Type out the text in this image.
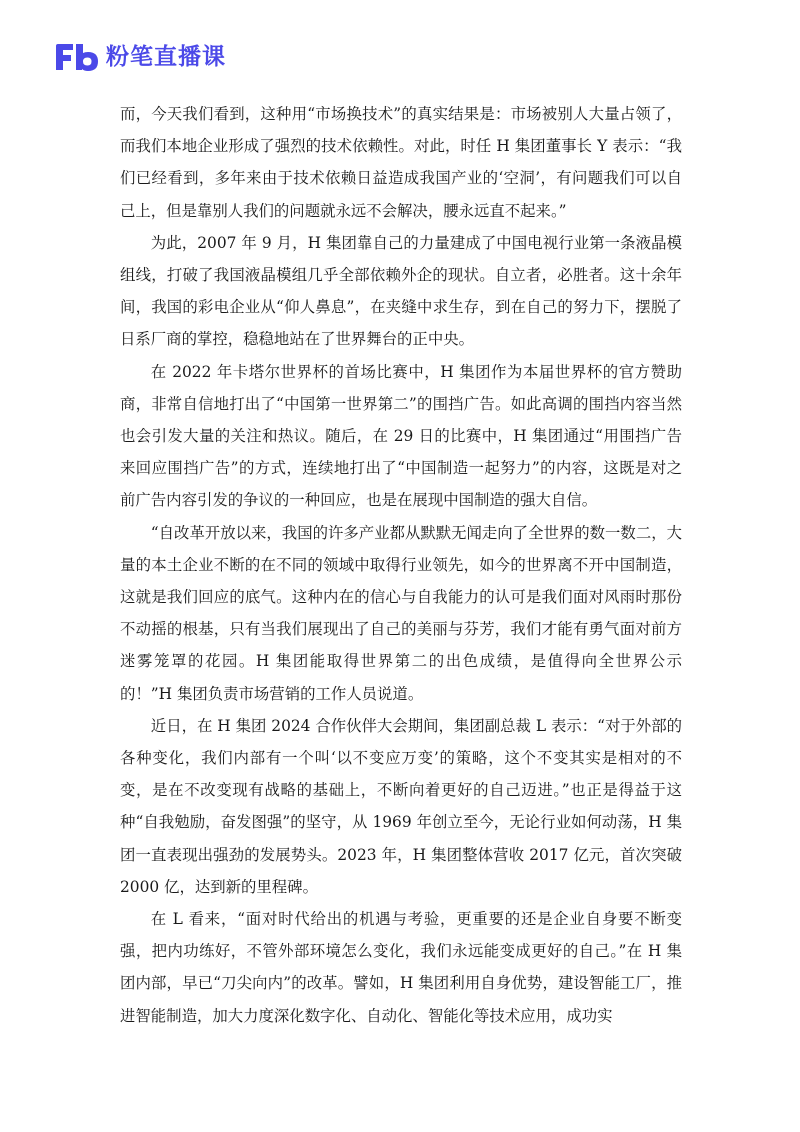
粉笔直播课

而，今天我们看到，这种用“市场换技术”的真实结果是：市场被别人大量占领了，而我们本地企业形成了强烈的技术依赖性。对此，时任 H 集团董事长 Y 表示：“我们已经看到，多年来由于技术依赖日益造成我国产业的‘空洞’，有问题我们可以自己上，但是靠别人我们的问题就永远不会解决，腰永远直不起来。”

为此，2007 年 9 月，H 集团靠自己的力量建成了中国电视行业第一条液晶模组线，打破了我国液晶模组几乎全部依赖外企的现状。自立者，必胜者。这十余年间，我国的彩电企业从“仰人鼻息”，在夹缝中求生存，到在自己的努力下，摆脱了日系厂商的掌控，稳稳地站在了世界舞台的正中央。

在 2022 年卡塔尔世界杯的首场比赛中，H 集团作为本届世界杯的官方赞助商，非常自信地打出了“中国第一世界第二”的围挡广告。如此高调的围挡内容当然也会引发大量的关注和热议。随后，在 29 日的比赛中，H 集团通过“用围挡广告来回应围挡广告”的方式，连续地打出了“中国制造一起努力”的内容，这既是对之前广告内容引发的争议的一种回应，也是在展现中国制造的强大自信。

“自改革开放以来，我国的许多产业都从默默无闻走向了全世界的数一数二，大量的本土企业不断的在不同的领域中取得行业领先，如今的世界离不开中国制造，这就是我们回应的底气。这种内在的信心与自我能力的认可是我们面对风雨时那份不动摇的根基，只有当我们展现出了自己的美丽与芬芳，我们才能有勇气面对前方迷雾笼罩的花园。H 集团能取得世界第二的出色成绩，是值得向全世界公示的！”H 集团负责市场营销的工作人员说道。

近日，在 H 集团 2024 合作伙伴大会期间，集团副总裁 L 表示：“对于外部的各种变化，我们内部有一个叫‘以不变应万变’的策略，这个不变其实是相对的不变，是在不改变现有战略的基础上，不断向着更好的自己迈进。”也正是得益于这种“自我勉励，奋发图强”的坚守，从 1969 年创立至今，无论行业如何动荡，H 集团一直表现出强劲的发展势头。2023 年，H 集团整体营收 2017 亿元，首次突破 2000 亿，达到新的里程碑。

在 L 看来，“面对时代给出的机遇与考验，更重要的还是企业自身要不断变强，把内功练好，不管外部环境怎么变化，我们永远能变成更好的自己。”在 H 集团内部，早已“刀尖向内”的改革。譬如，H 集团利用自身优势，建设智能工厂，推进智能制造，加大力度深化数字化、自动化、智能化等技术应用，成功实
